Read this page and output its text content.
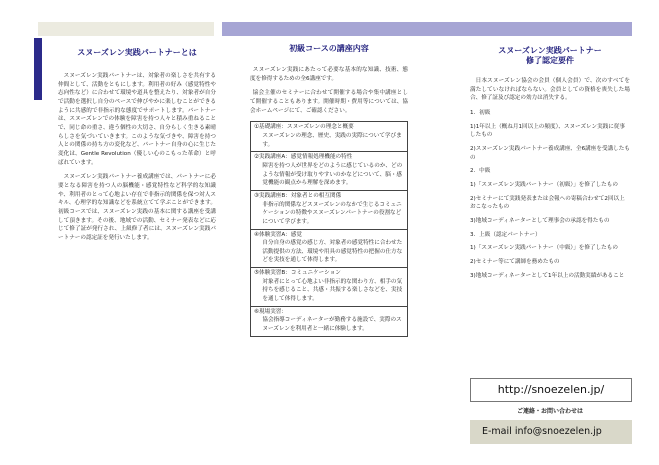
スヌーズレン実践パートナーとは

スヌーズレン実践パートナーは、対象者の楽しさを共有する仲間として、活動をともにします。利用者の好み（感覚特性や志向性など）に合わせて環境や道具を整えたり、対象者が自分で活動を選択し自分のペースで伸びやかに楽しむことができるように共感的で非指示的な態度でサポートします。パートナーは、スヌーズレンでの体験を障害を持つ人々と積み重ねることで、同じ命の重さ、違う個性の大切さ、自分らしく生きる素晴らしさを気づいていきます。このような気づきや、障害を持つ人との関係の持ち方の変化など、パートナー自身の心に生じた変化は、Gentle Revolution（優しい心のこもった革命）と呼ばれています。

スヌーズレン実践パートナー養成講座では、パートナーに必要となる障害を持つ人の脳機能・感覚特性など科学的な知識や、利用者のとって心地よい存在で非指示的関係を保つ対人スキル、心理学的な知識などを系統立てて学ぶことができます。初級コースでは、スヌーズレン実践の基本に関する講座を受講して頂きます。その後、地域での活動、セミナー発表などに応じて修了証が発行され、上級修了者には、スヌーズレン実践パートナーの認定証を発行いたします。

初級コースの講座内容

スヌーズレン実践にあたって必要な基本的な知識、技術、態度を修得するための全6講座です。

協会主催のセミナーに合わせて開催する場合や集中講座として開催することもあります。開催時期・費用等については、協会ホームページにて、ご確認ください。

①基礎講座：スヌーズレンの理念と概要
スヌーズレンの理念、歴史、実践の実際について学びます。
②実践講座A：感覚情報処理機能の特性
障害を持つ人が世界をどのように感じているのか、どのような情報が受け取りやすいのかなどについて、脳・感覚機能の観点から理解を深めます。
③実践講座B：対象者との相互関係
非指示的関係などスヌーズレンのなかで生じるコミュニケーションの特徴やスヌーズレンパートナーの役割などについて学びます。
④体験実習A：感覚
自分自身の感覚の感じ方、対象者の感覚特性に合わせた活動提供の方法、環境や用具の感覚特性の把握の仕方などを実技を通して体得します。
⑤体験実習B：コミュニケーション
対象者にとって心地よい非指示的な関わり方、相手の気持ちを感じること、共感・共振する楽しさなどを、実技を通して体得します。
⑥現場実習：
協会指導コーディネーターが勤務する施設で、実際のスヌーズレンを利用者と一緒に体験します。
スヌーズレン実践パートナー
修了認定要件

日本スヌーズレン協会の会員（個人会員）で、次のすべてを満たしていなければならない。会員としての資格を喪失した場合、修了証及び認定の効力は消失する。

1．初級
1)1年以上（概ね月1回以上の頻度）、スヌーズレン実践に従事したもの
2)スヌーズレン実践パートナー養成講座、全6講座を受講したもの
2．中級
1)「スヌーズレン実践パートナー（初級）」を修了したもの
2)セミナーにて実践発表または会報への寄稿合わせて2回以上おこなったもの
3)地域コーディネーターとして理事会の承認を得たもの
3．上級（認定パートナー）
1)「スヌーズレン実践パートナー（中級）」を修了したもの
2)セミナー等にて講師を務めたもの
3)地域コーディネーターとして1年以上の活動実績があること
http://snoezelen.jp/
ご連絡・お問い合わせは
E-mail info@snoezelen.jp
